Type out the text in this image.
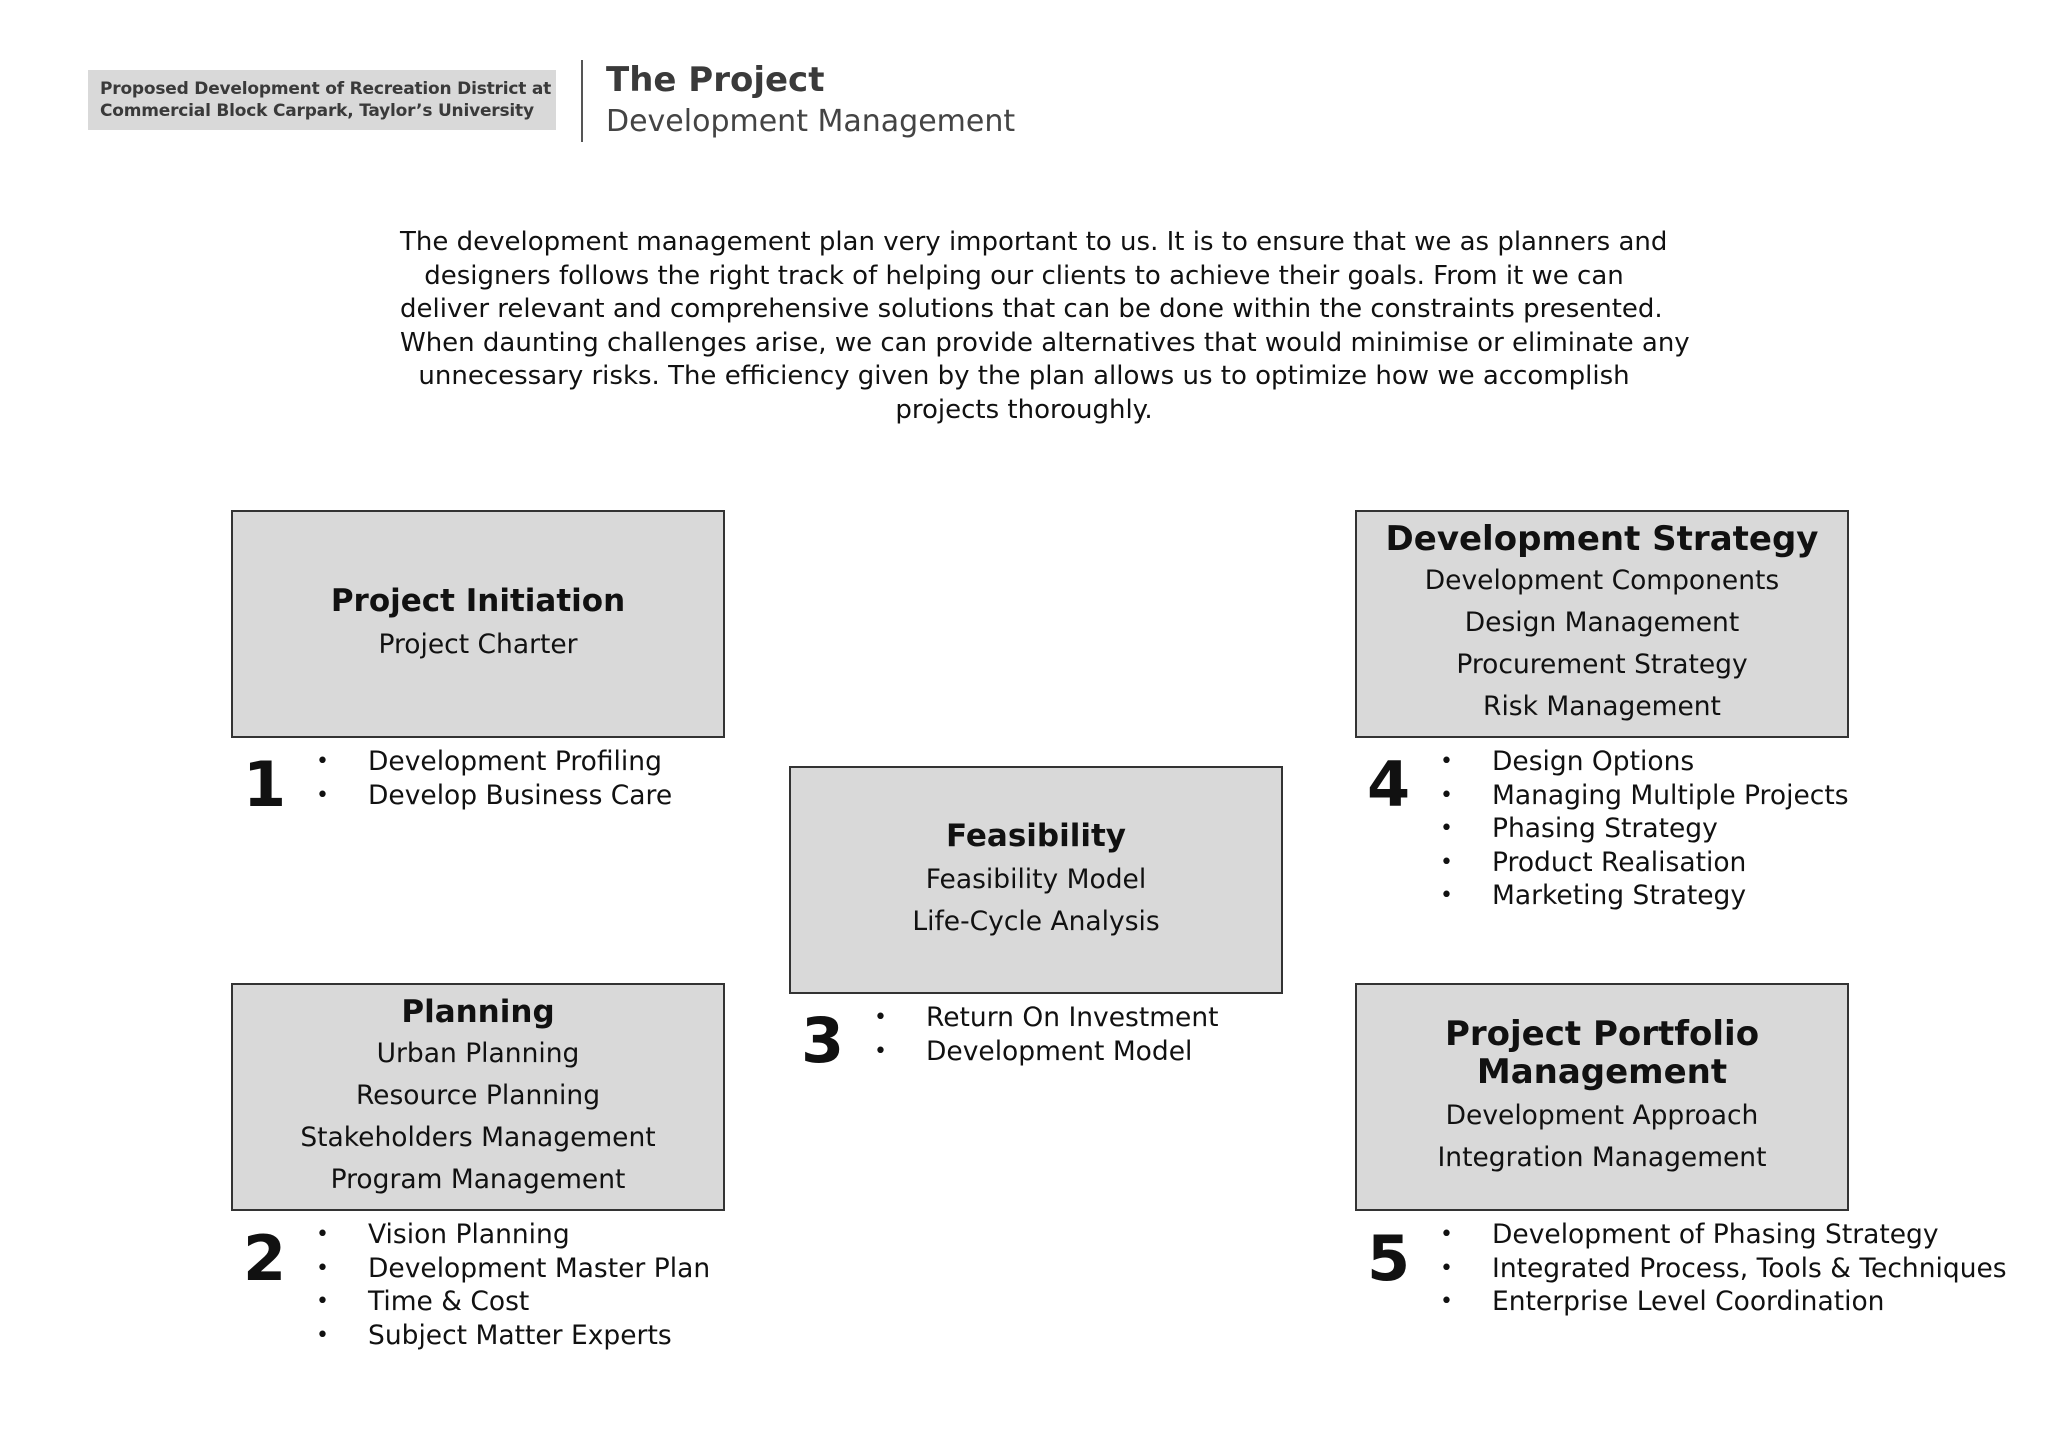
Proposed Development of Recreation District at
Commercial Block Carpark, Taylor’s University
The Project
Development Management
The development management plan very important to us. It is to ensure that we as planners and
designers follows the right track of helping our clients to achieve their goals. From it we can
deliver relevant and comprehensive solutions that can be done within the constraints presented.
When daunting challenges arise, we can provide alternatives that would minimise or eliminate any
unnecessary risks. The efficiency given by the plan allows us to optimize how we accomplish
projects thoroughly.
Project Initiation
Project Charter
1 • Development Profiling
• Develop Business Care
Planning
Urban Planning
Resource Planning
Stakeholders Management
Program Management
2 • Vision Planning
• Development Master Plan
• Time & Cost
• Subject Matter Experts
Feasibility
Feasibility Model
Life-Cycle Analysis
3 • Return On Investment
• Development Model
Development Strategy
Development Components
Design Management
Procurement Strategy
Risk Management
4 • Design Options
• Managing Multiple Projects
• Phasing Strategy
• Product Realisation
• Marketing Strategy
Project Portfolio
Management
Development Approach
Integration Management
5 • Development of Phasing Strategy
• Integrated Process, Tools & Techniques
• Enterprise Level Coordination
